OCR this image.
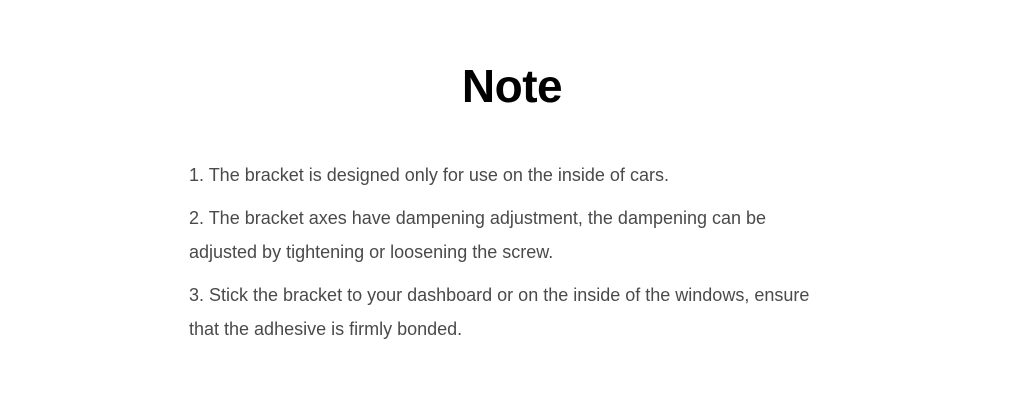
Note
1. The bracket is designed only for use on the inside of cars.
2. The bracket axes have dampening adjustment, the dampening can be adjusted by tightening or loosening the screw.
3. Stick the bracket to your dashboard or on the inside of the windows, ensure that the adhesive is firmly bonded.
